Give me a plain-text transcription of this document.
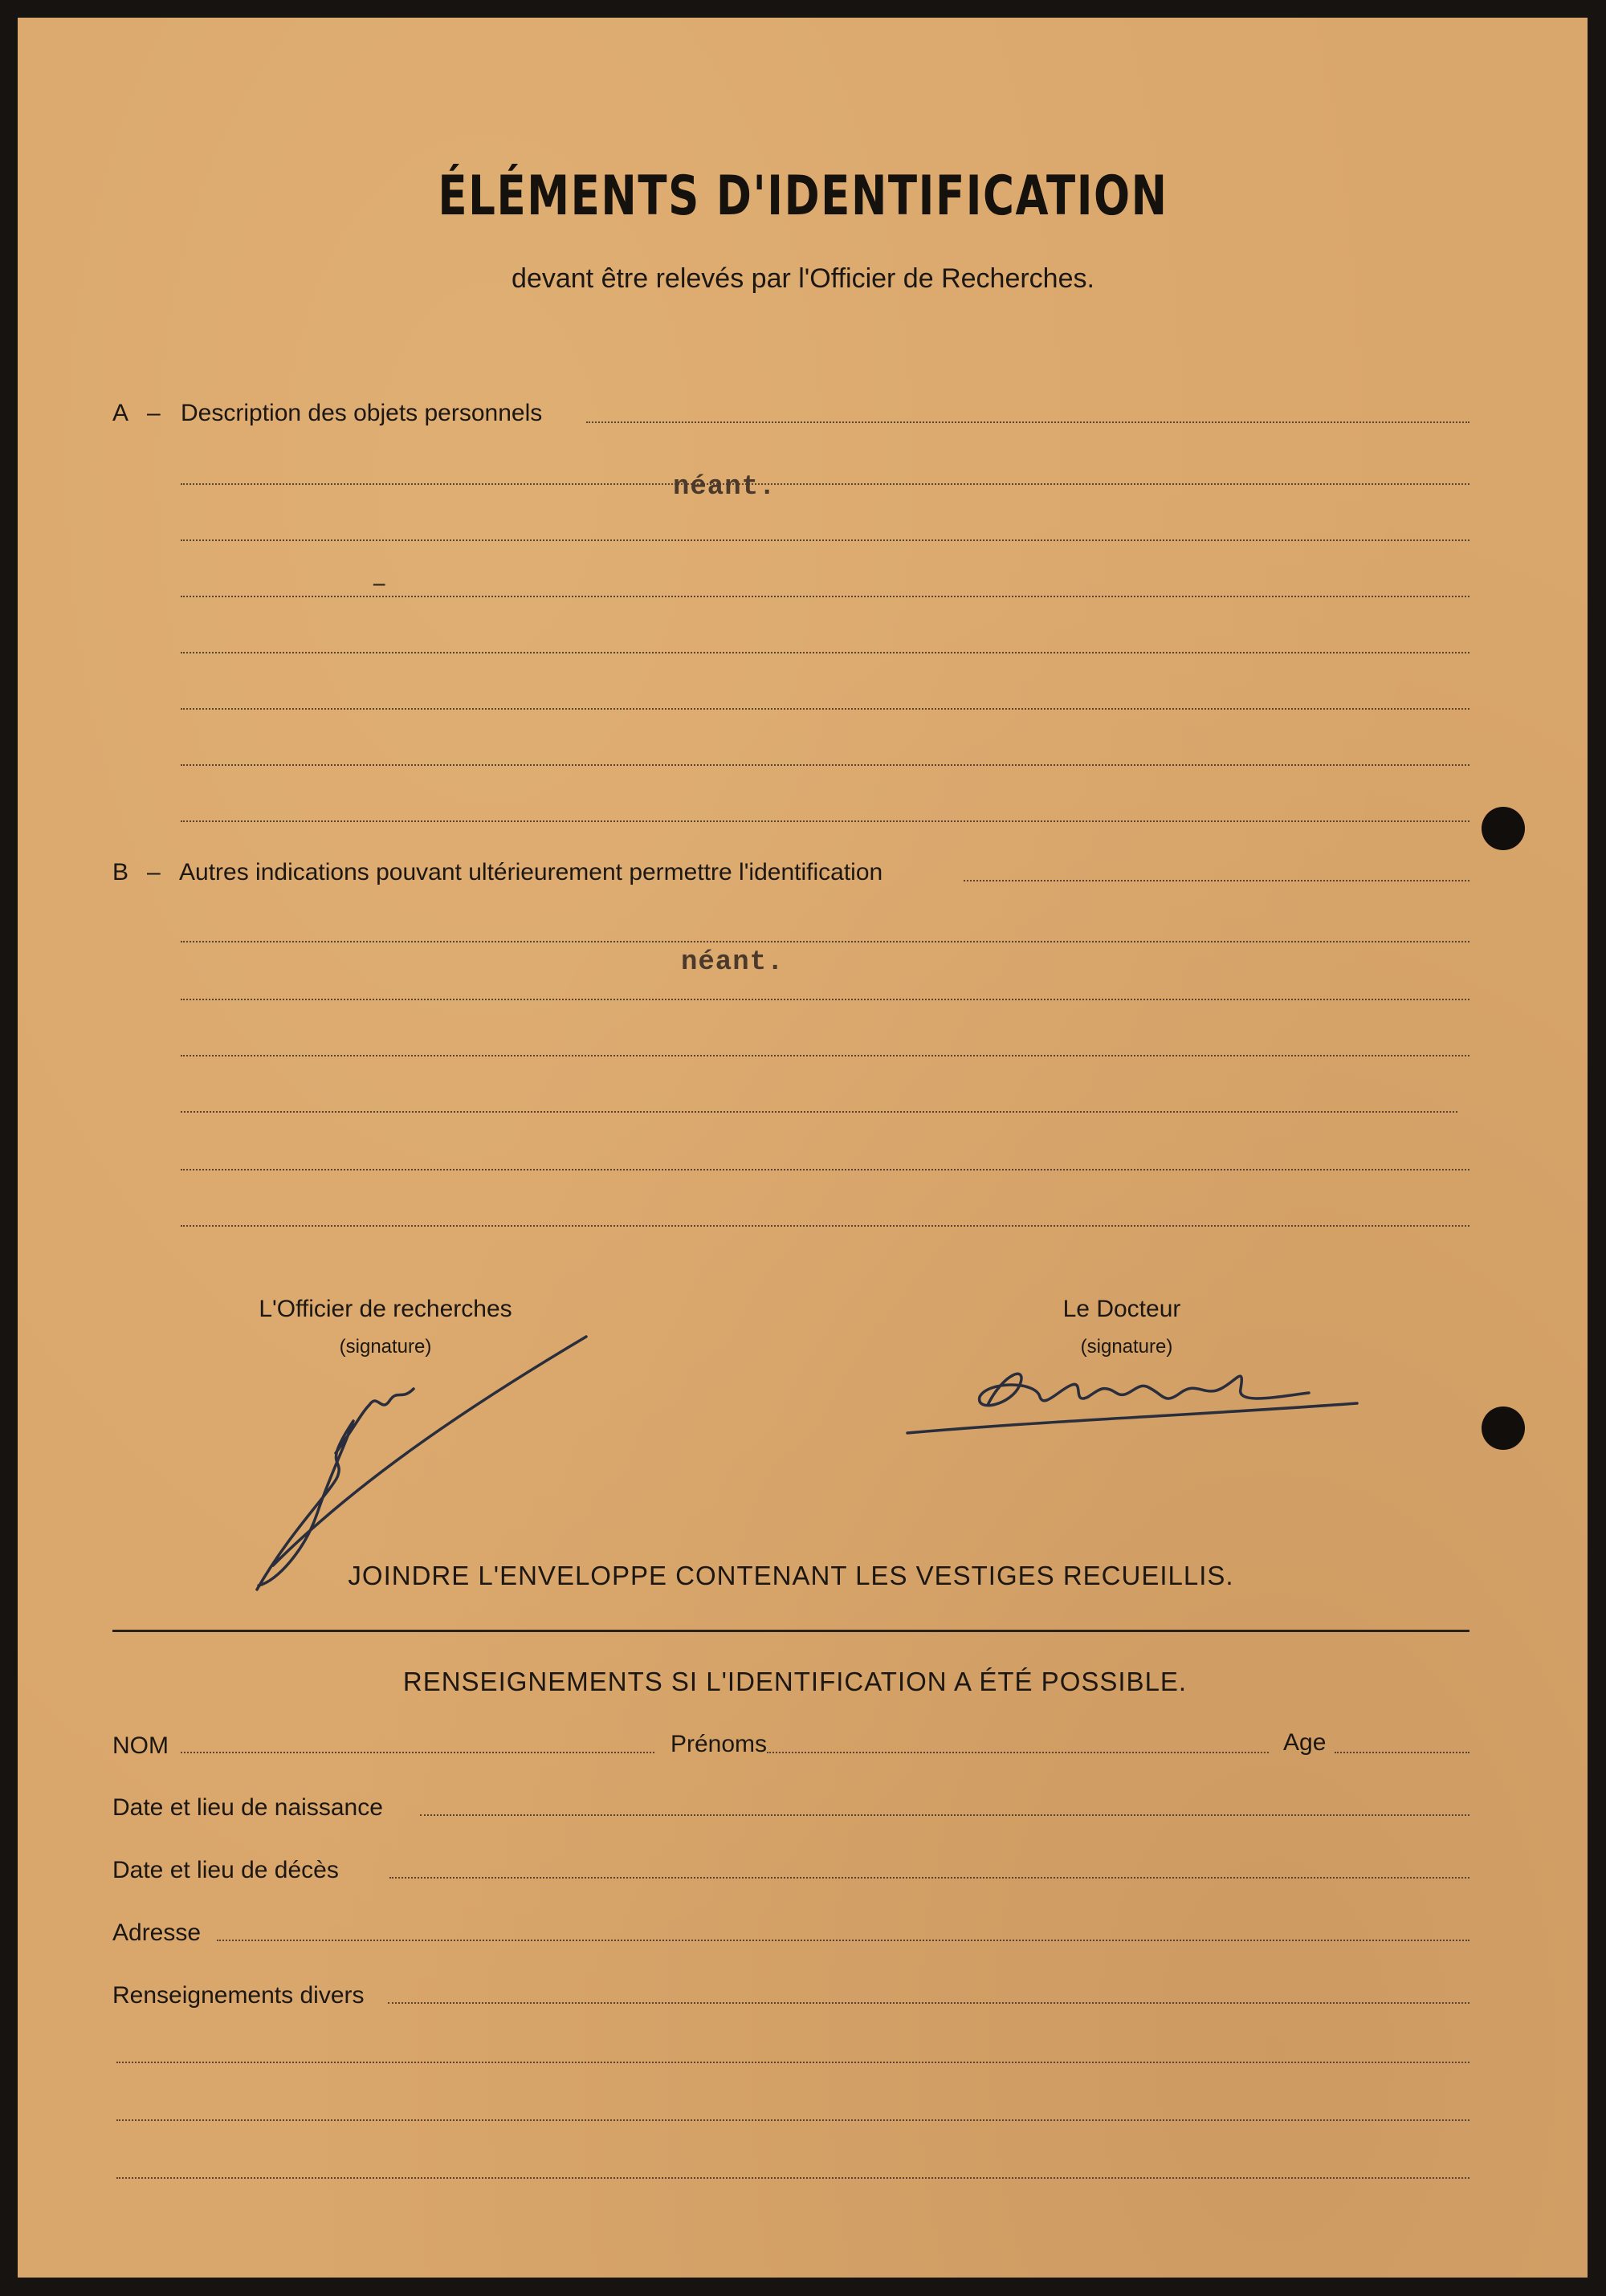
ÉLÉMENTS D'IDENTIFICATION
devant être relevés par l'Officier de Recherches.
A – Description des objets personnels
néant.
–
B – Autres indications pouvant ultérieurement permettre l'identification
néant.
L'Officier de recherches
(signature)
Le Docteur
(signature)
JOINDRE L'ENVELOPPE CONTENANT LES VESTIGES RECUEILLIS.
RENSEIGNEMENTS SI L'IDENTIFICATION A ÉTÉ POSSIBLE.
NOM	Prénoms	Age
Date et lieu de naissance
Date et lieu de décès
Adresse
Renseignements divers
